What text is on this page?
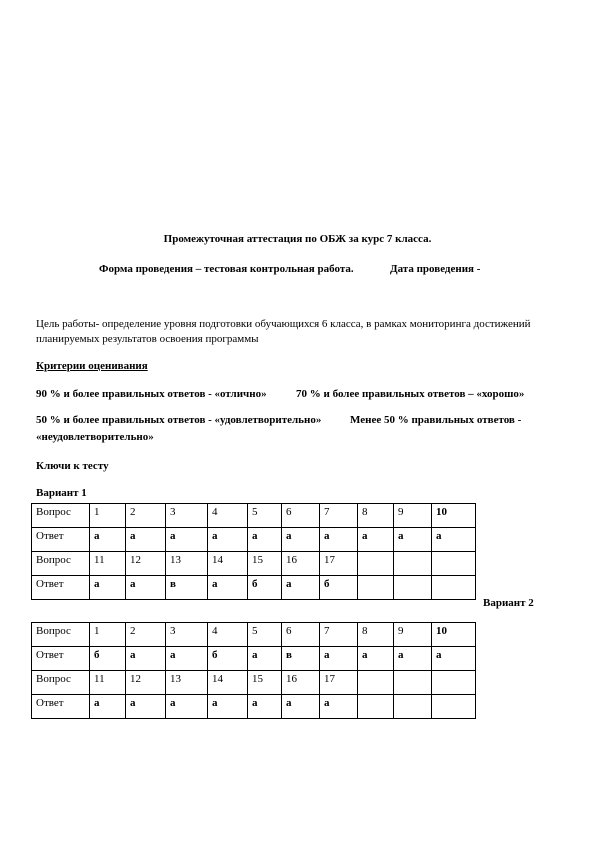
Промежуточная аттестация по ОБЖ за курс 7 класса.
Форма проведения – тестовая контрольная работа.	Дата проведения -
Цель работы- определение уровня подготовки обучающихся 6 класса, в рамках мониторинга достижений планируемых результатов освоения программы
Критерии оценивания
90 % и более правильных ответов - «отлично»	70 % и более правильных ответов – «хорошо»
50 % и более правильных ответов - «удовлетворительно»	Менее 50 % правильных ответов -
«неудовлетворительно»
Ключи к тесту
Вариант 1
Вопрос	1	2	3	4	5	6	7	8	9	10
Ответ	а	а	а	а	а	а	а	а	а	а
Вопрос	11	12	13	14	15	16	17			
Ответ	а	а	в	а	б	а	б			
Вариант 2
Вопрос	1	2	3	4	5	6	7	8	9	10
Ответ	б	а	а	б	а	в	а	а	а	а
Вопрос	11	12	13	14	15	16	17			
Ответ	а	а	а	а	а	а	а			
